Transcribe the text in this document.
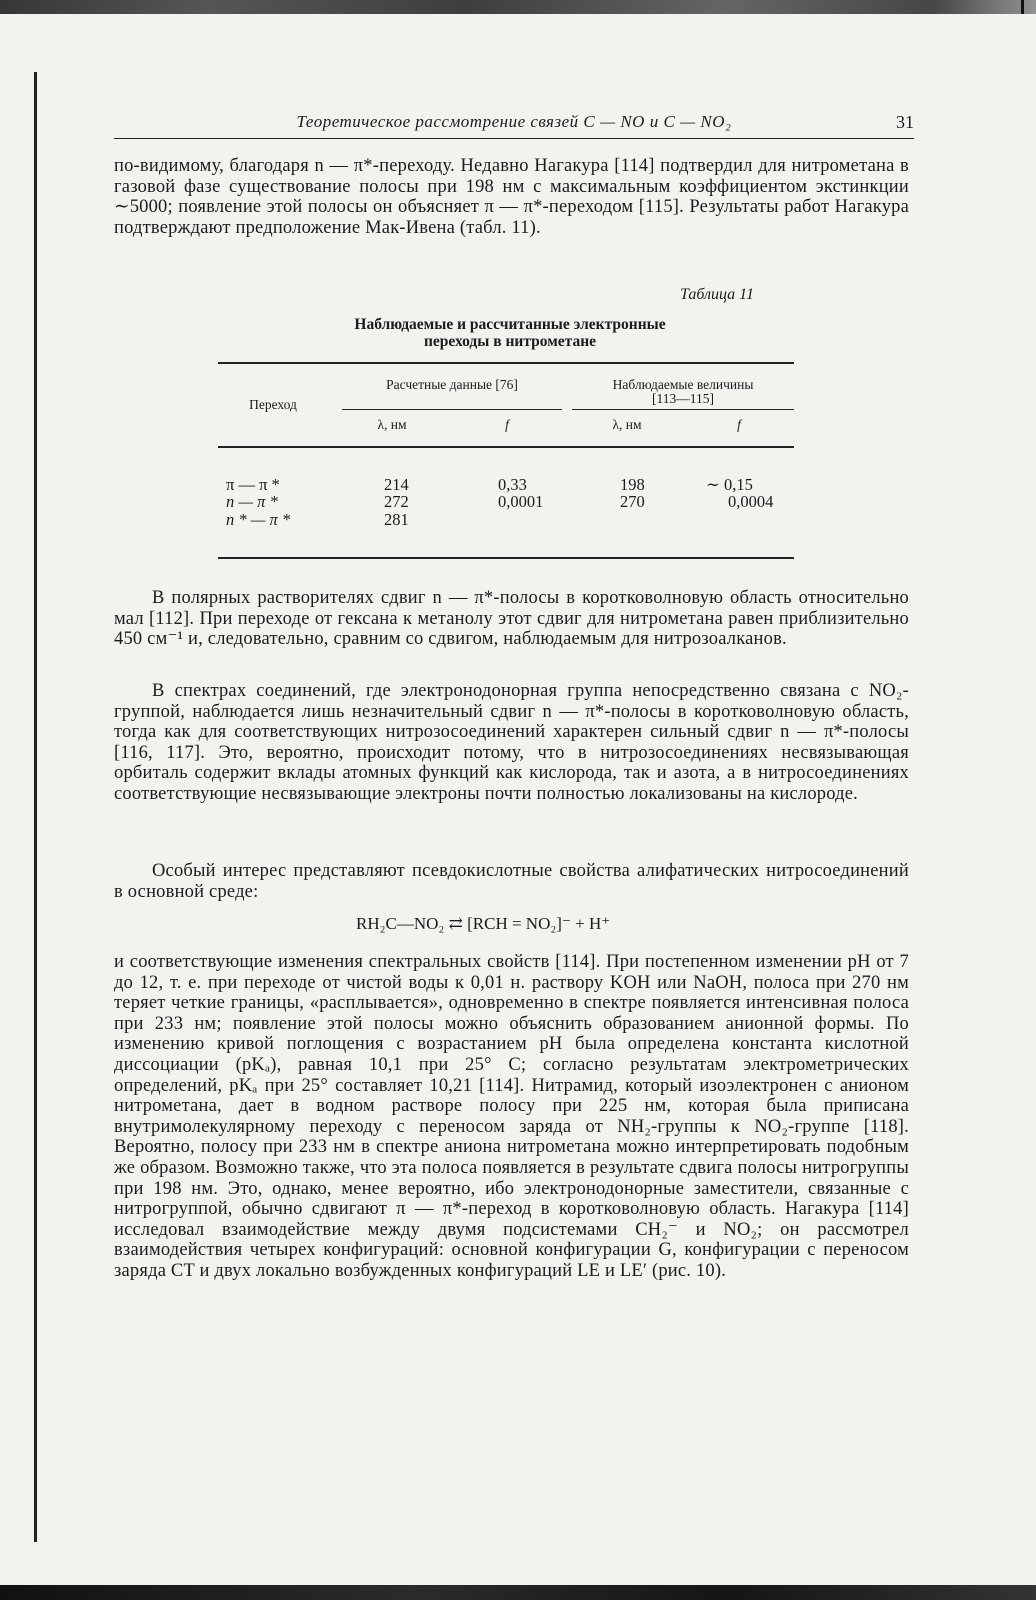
Теоретическое рассмотрение связей C — NO и C — NO₂	31
по-видимому, благодаря n — π*-переходу. Недавно Нагакура [114] подтвердил для нитрометана в газовой фазе существование полосы при 198 нм с максимальным коэффициентом экстинкции ∼5000; появление этой полосы он объясняет π — π*-переходом [115]. Результаты работ Нагакура подтверждают предположение Мак-Ивена (табл. 11).
Таблица 11
Наблюдаемые и рассчитанные электронные
переходы в нитрометане
Переход
Расчетные данные [76]	Наблюдаемые величины
[113—115]
λ, нм	f	λ, нм	f
π — π *	214	0,33	198	∼ 0,15
n — π *	272	0,0001	270	0,0004
n * — π *	281
В полярных растворителях сдвиг n — π*-полосы в коротковолновую область относительно мал [112]. При переходе от гексана к метанолу этот сдвиг для нитрометана равен приблизительно 450 см⁻¹ и, следовательно, сравним со сдвигом, наблюдаемым для нитрозоалканов.
В спектрах соединений, где электронодонорная группа непосредственно связана с NO₂-группой, наблюдается лишь незначительный сдвиг n — π*-полосы в коротковолновую область, тогда как для соответствующих нитрозосоединений характерен сильный сдвиг n — π*-полосы [116, 117]. Это, вероятно, происходит потому, что в нитрозосоединениях несвязывающая орбиталь содержит вклады атомных функций как кислорода, так и азота, а в нитросоединениях соответствующие несвязывающие электроны почти полностью локализованы на кислороде.
Особый интерес представляют псевдокислотные свойства алифатических нитросоединений в основной среде:
RH₂C—NO₂ ⇄ [RCH = NO₂]⁻ + H⁺
и соответствующие изменения спектральных свойств [114]. При постепенном изменении pH от 7 до 12, т. е. при переходе от чистой воды к 0,01 н. раствору KOH или NaOH, полоса при 270 нм теряет четкие границы, «расплывается», одновременно в спектре появляется интенсивная полоса при 233 нм; появление этой полосы можно объяснить образованием анионной формы. По изменению кривой поглощения с возрастанием pH была определена константа кислотной диссоциации (pKₐ), равная 10,1 при 25° C; согласно результатам электрометрических определений, pKₐ при 25° составляет 10,21 [114]. Нитрамид, который изоэлектронен с анионом нитрометана, дает в водном растворе полосу при 225 нм, которая была приписана внутримолекулярному переходу с переносом заряда от NH₂-группы к NO₂-группе [118]. Вероятно, полосу при 233 нм в спектре аниона нитрометана можно интерпретировать подобным же образом. Возможно также, что эта полоса появляется в результате сдвига полосы нитрогруппы при 198 нм. Это, однако, менее вероятно, ибо электронодонорные заместители, связанные с нитрогруппой, обычно сдвигают π — π*-переход в коротковолновую область. Нагакура [114] исследовал взаимодействие между двумя подсистемами CH₂⁻ и NO₂; он рассмотрел взаимодействия четырех конфигураций: основной конфигурации G, конфигурации с переносом заряда CT и двух локально возбужденных конфигураций LE и LE′ (рис. 10).
